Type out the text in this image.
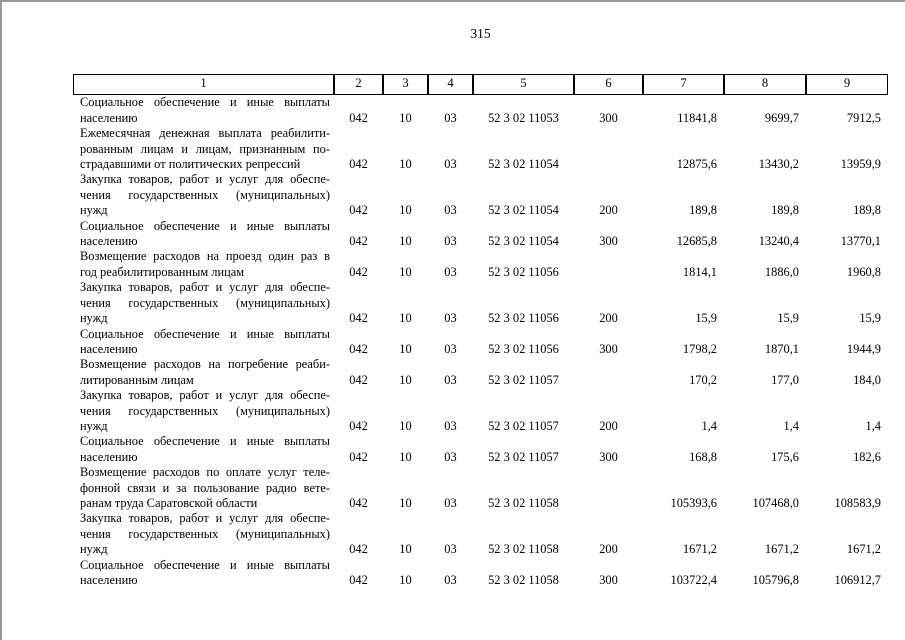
315
1	2	3	4	5	6	7	8	9

Социальное обеспечение и иные выплаты
населению	042	10	03	52 3 02 11053	300	11841,8	9699,7	7912,5

Ежемесячная денежная выплата реабилити-
рованным лицам и лицам, признанным по-
страдавшими от политических репрессий	042	10	03	52 3 02 11054		12875,6	13430,2	13959,9

Закупка товаров, работ и услуг для обеспе-
чения государственных (муниципальных)
нужд	042	10	03	52 3 02 11054	200	189,8	189,8	189,8

Социальное обеспечение и иные выплаты
населению	042	10	03	52 3 02 11054	300	12685,8	13240,4	13770,1

Возмещение расходов на проезд один раз в
год реабилитированным лицам	042	10	03	52 3 02 11056		1814,1	1886,0	1960,8

Закупка товаров, работ и услуг для обеспе-
чения государственных (муниципальных)
нужд	042	10	03	52 3 02 11056	200	15,9	15,9	15,9

Социальное обеспечение и иные выплаты
населению	042	10	03	52 3 02 11056	300	1798,2	1870,1	1944,9

Возмещение расходов на погребение реаби-
литированным лицам	042	10	03	52 3 02 11057		170,2	177,0	184,0

Закупка товаров, работ и услуг для обеспе-
чения государственных (муниципальных)
нужд	042	10	03	52 3 02 11057	200	1,4	1,4	1,4

Социальное обеспечение и иные выплаты
населению	042	10	03	52 3 02 11057	300	168,8	175,6	182,6

Возмещение расходов по оплате услуг теле-
фонной связи и за пользование радио вете-
ранам труда Саратовской области	042	10	03	52 3 02 11058		105393,6	107468,0	108583,9

Закупка товаров, работ и услуг для обеспе-
чения государственных (муниципальных)
нужд	042	10	03	52 3 02 11058	200	1671,2	1671,2	1671,2

Социальное обеспечение и иные выплаты
населению	042	10	03	52 3 02 11058	300	103722,4	105796,8	106912,7
